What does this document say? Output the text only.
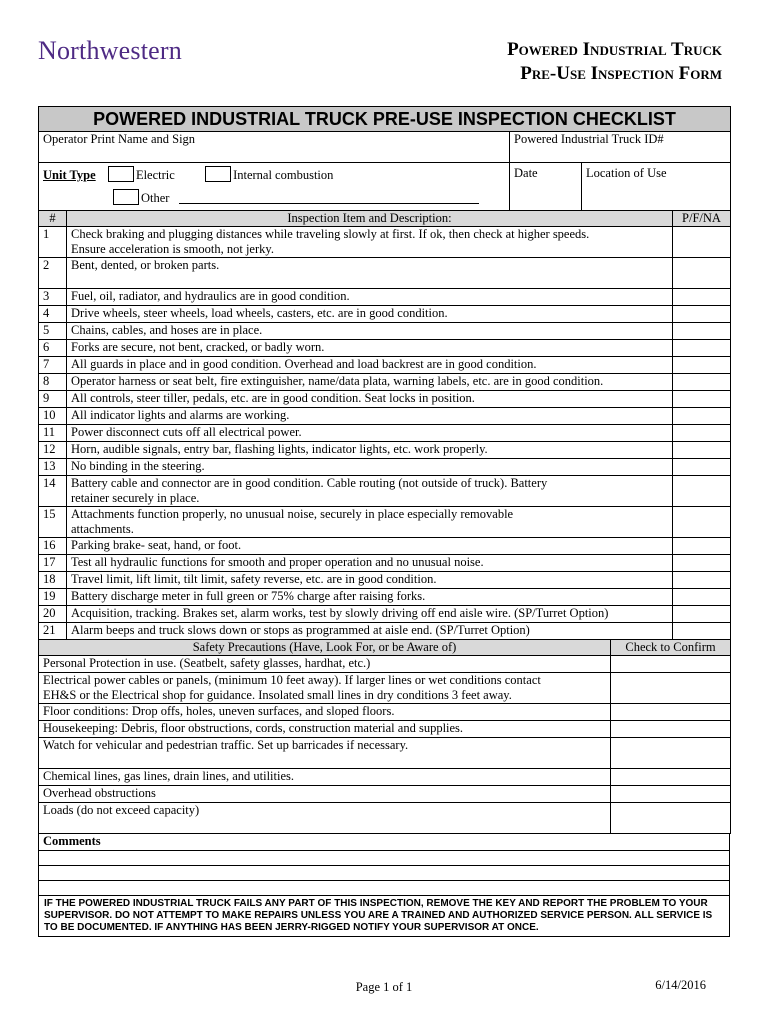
Northwestern	Powered Industrial Truck
Pre-Use Inspection Form
POWERED INDUSTRIAL TRUCK PRE-USE INSPECTION CHECKLIST		
Operator Print Name and Sign	Powered Industrial Truck ID#	

Unit Type Electric Internal combustion
Other	Date	Location of Use
#	Inspection Item and Description:	P/F/NA
1	Check braking and plugging distances while traveling slowly at first. If ok, then check at higher speeds.
Ensure acceleration is smooth, not jerky.	

2	Bent, dented, or broken parts.	

3	Fuel, oil, radiator, and hydraulics are in good condition.	

4	Drive wheels, steer wheels, load wheels, casters, etc. are in good condition.	

5	Chains, cables, and hoses are in place.	

6	Forks are secure, not bent, cracked, or badly worn.	

7	All guards in place and in good condition. Overhead and load backrest are in good condition.	

8	Operator harness or seat belt, fire extinguisher, name/data plata, warning labels, etc. are in good condition.	

9	All controls, steer tiller, pedals, etc. are in good condition. Seat locks in position.	

10	All indicator lights and alarms are working.	

11	Power disconnect cuts off all electrical power.	

12	Horn, audible signals, entry bar, flashing lights, indicator lights, etc. work properly.	

13	No binding in the steering.	

14	Battery cable and connector are in good condition. Cable routing (not outside of truck). Battery
retainer securely in place.	

15	Attachments function properly, no unusual noise, securely in place especially removable
attachments.	

16	Parking brake- seat, hand, or foot.	

17	Test all hydraulic functions for smooth and proper operation and no unusual noise.	

18	Travel limit, lift limit, tilt limit, safety reverse, etc. are in good condition.	

19	Battery discharge meter in full green or 75% charge after raising forks.	

20	Acquisition, tracking. Brakes set, alarm works, test by slowly driving off end aisle wire. (SP/Turret Option)	

21	Alarm beeps and truck slows down or stops as programmed at aisle end. (SP/Turret Option)	

Safety Precautions (Have, Look For, or be Aware of)	Check to Confirm

Personal Protection in use. (Seatbelt, safety glasses, hardhat, etc.)	

Electrical power cables or panels, (minimum 10 feet away). If larger lines or wet conditions contact
EH&S or the Electrical shop for guidance. Insolated small lines in dry conditions 3 feet away.	

Floor conditions: Drop offs, holes, uneven surfaces, and sloped floors.	

Housekeeping: Debris, floor obstructions, cords, construction material and supplies.	

Watch for vehicular and pedestrian traffic. Set up barricades if necessary.	

Chemical lines, gas lines, drain lines, and utilities.	

Overhead obstructions	

Loads (do not exceed capacity)	

Comments

IF THE POWERED INDUSTRIAL TRUCK FAILS ANY PART OF THIS INSPECTION, REMOVE THE KEY AND REPORT THE PROBLEM TO YOUR SUPERVISOR. DO NOT ATTEMPT TO MAKE REPAIRS UNLESS YOU ARE A TRAINED AND AUTHORIZED SERVICE PERSON. ALL SERVICE IS TO BE DOCUMENTED. IF ANYTHING HAS BEEN JERRY-RIGGED NOTIFY YOUR SUPERVISOR AT ONCE.
Page 1 of 1	6/14/2016
